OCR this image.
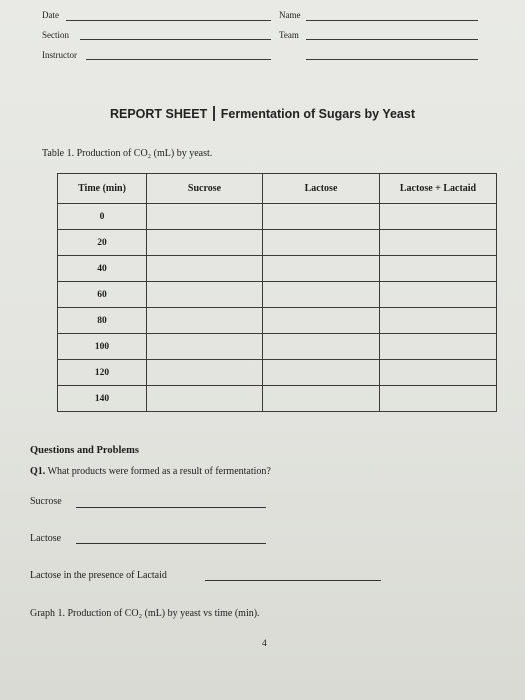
Date	Name
Section	Team
Instructor
REPORT SHEET Fermentation of Sugars by Yeast
Table 1. Production of CO₂ (mL) by yeast.
Time (min)	Sucrose	Lactose	Lactose + Lactaid
0			
20			
40			
60			
80			
100			
120			
140			
Questions and Problems
Q1. What products were formed as a result of fermentation?
Sucrose
Lactose
Lactose in the presence of Lactaid
Graph 1. Production of CO₂ (mL) by yeast vs time (min).
4
